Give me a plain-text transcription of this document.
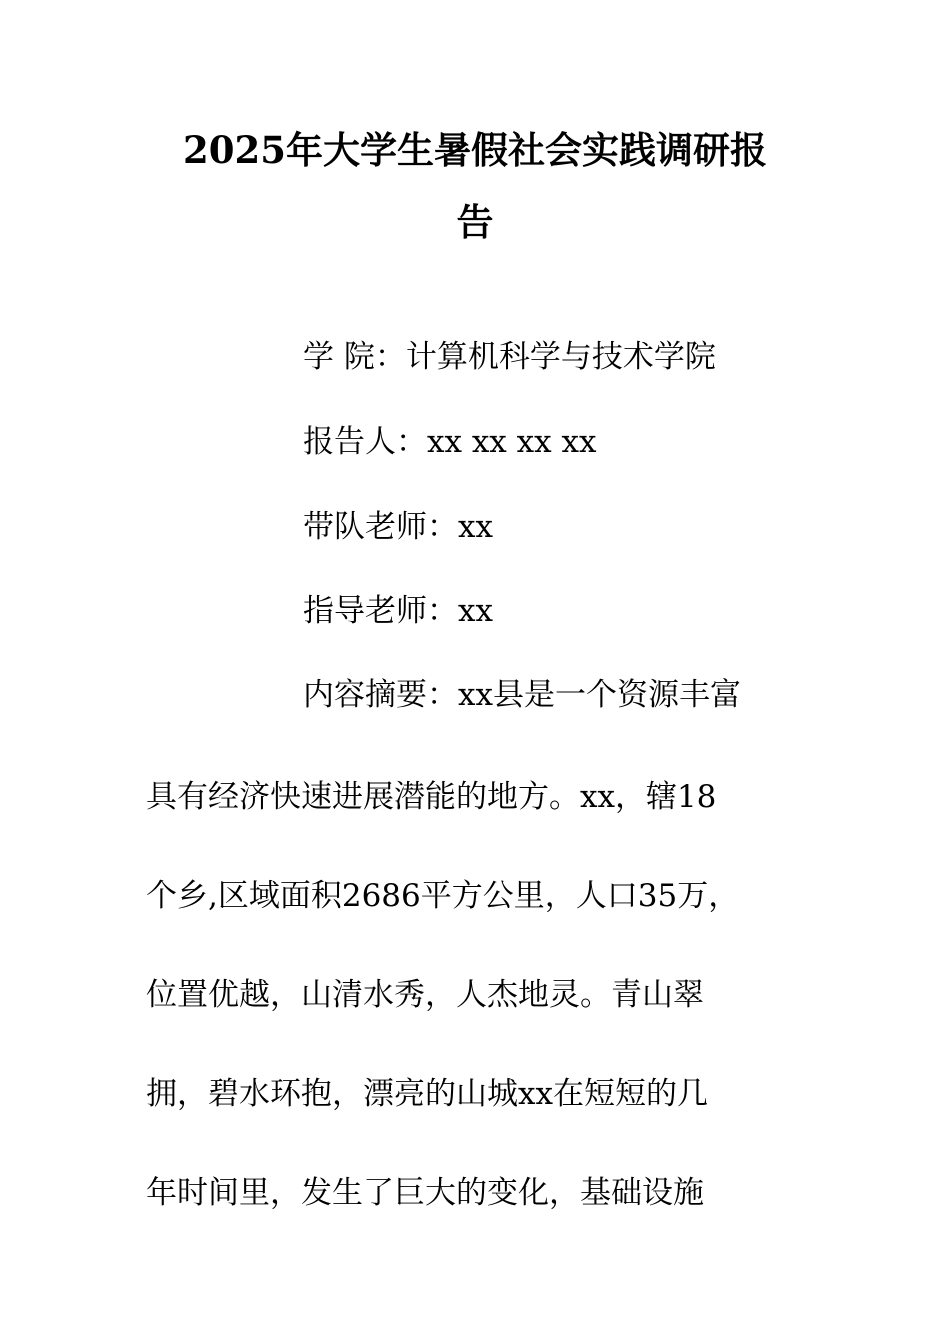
2025年大学生暑假社会实践调研报
告
学 院：计算机科学与技术学院
报告人：xx xx xx xx
带队老师：xx
指导老师：xx
内容摘要：xx县是一个资源丰富
具有经济快速进展潜能的地方。xx，辖18
个乡,区域面积2686平方公里，人口35万，
位置优越，山清水秀，人杰地灵。青山翠
拥，碧水环抱，漂亮的山城xx在短短的几
年时间里，发生了巨大的变化，基础设施
